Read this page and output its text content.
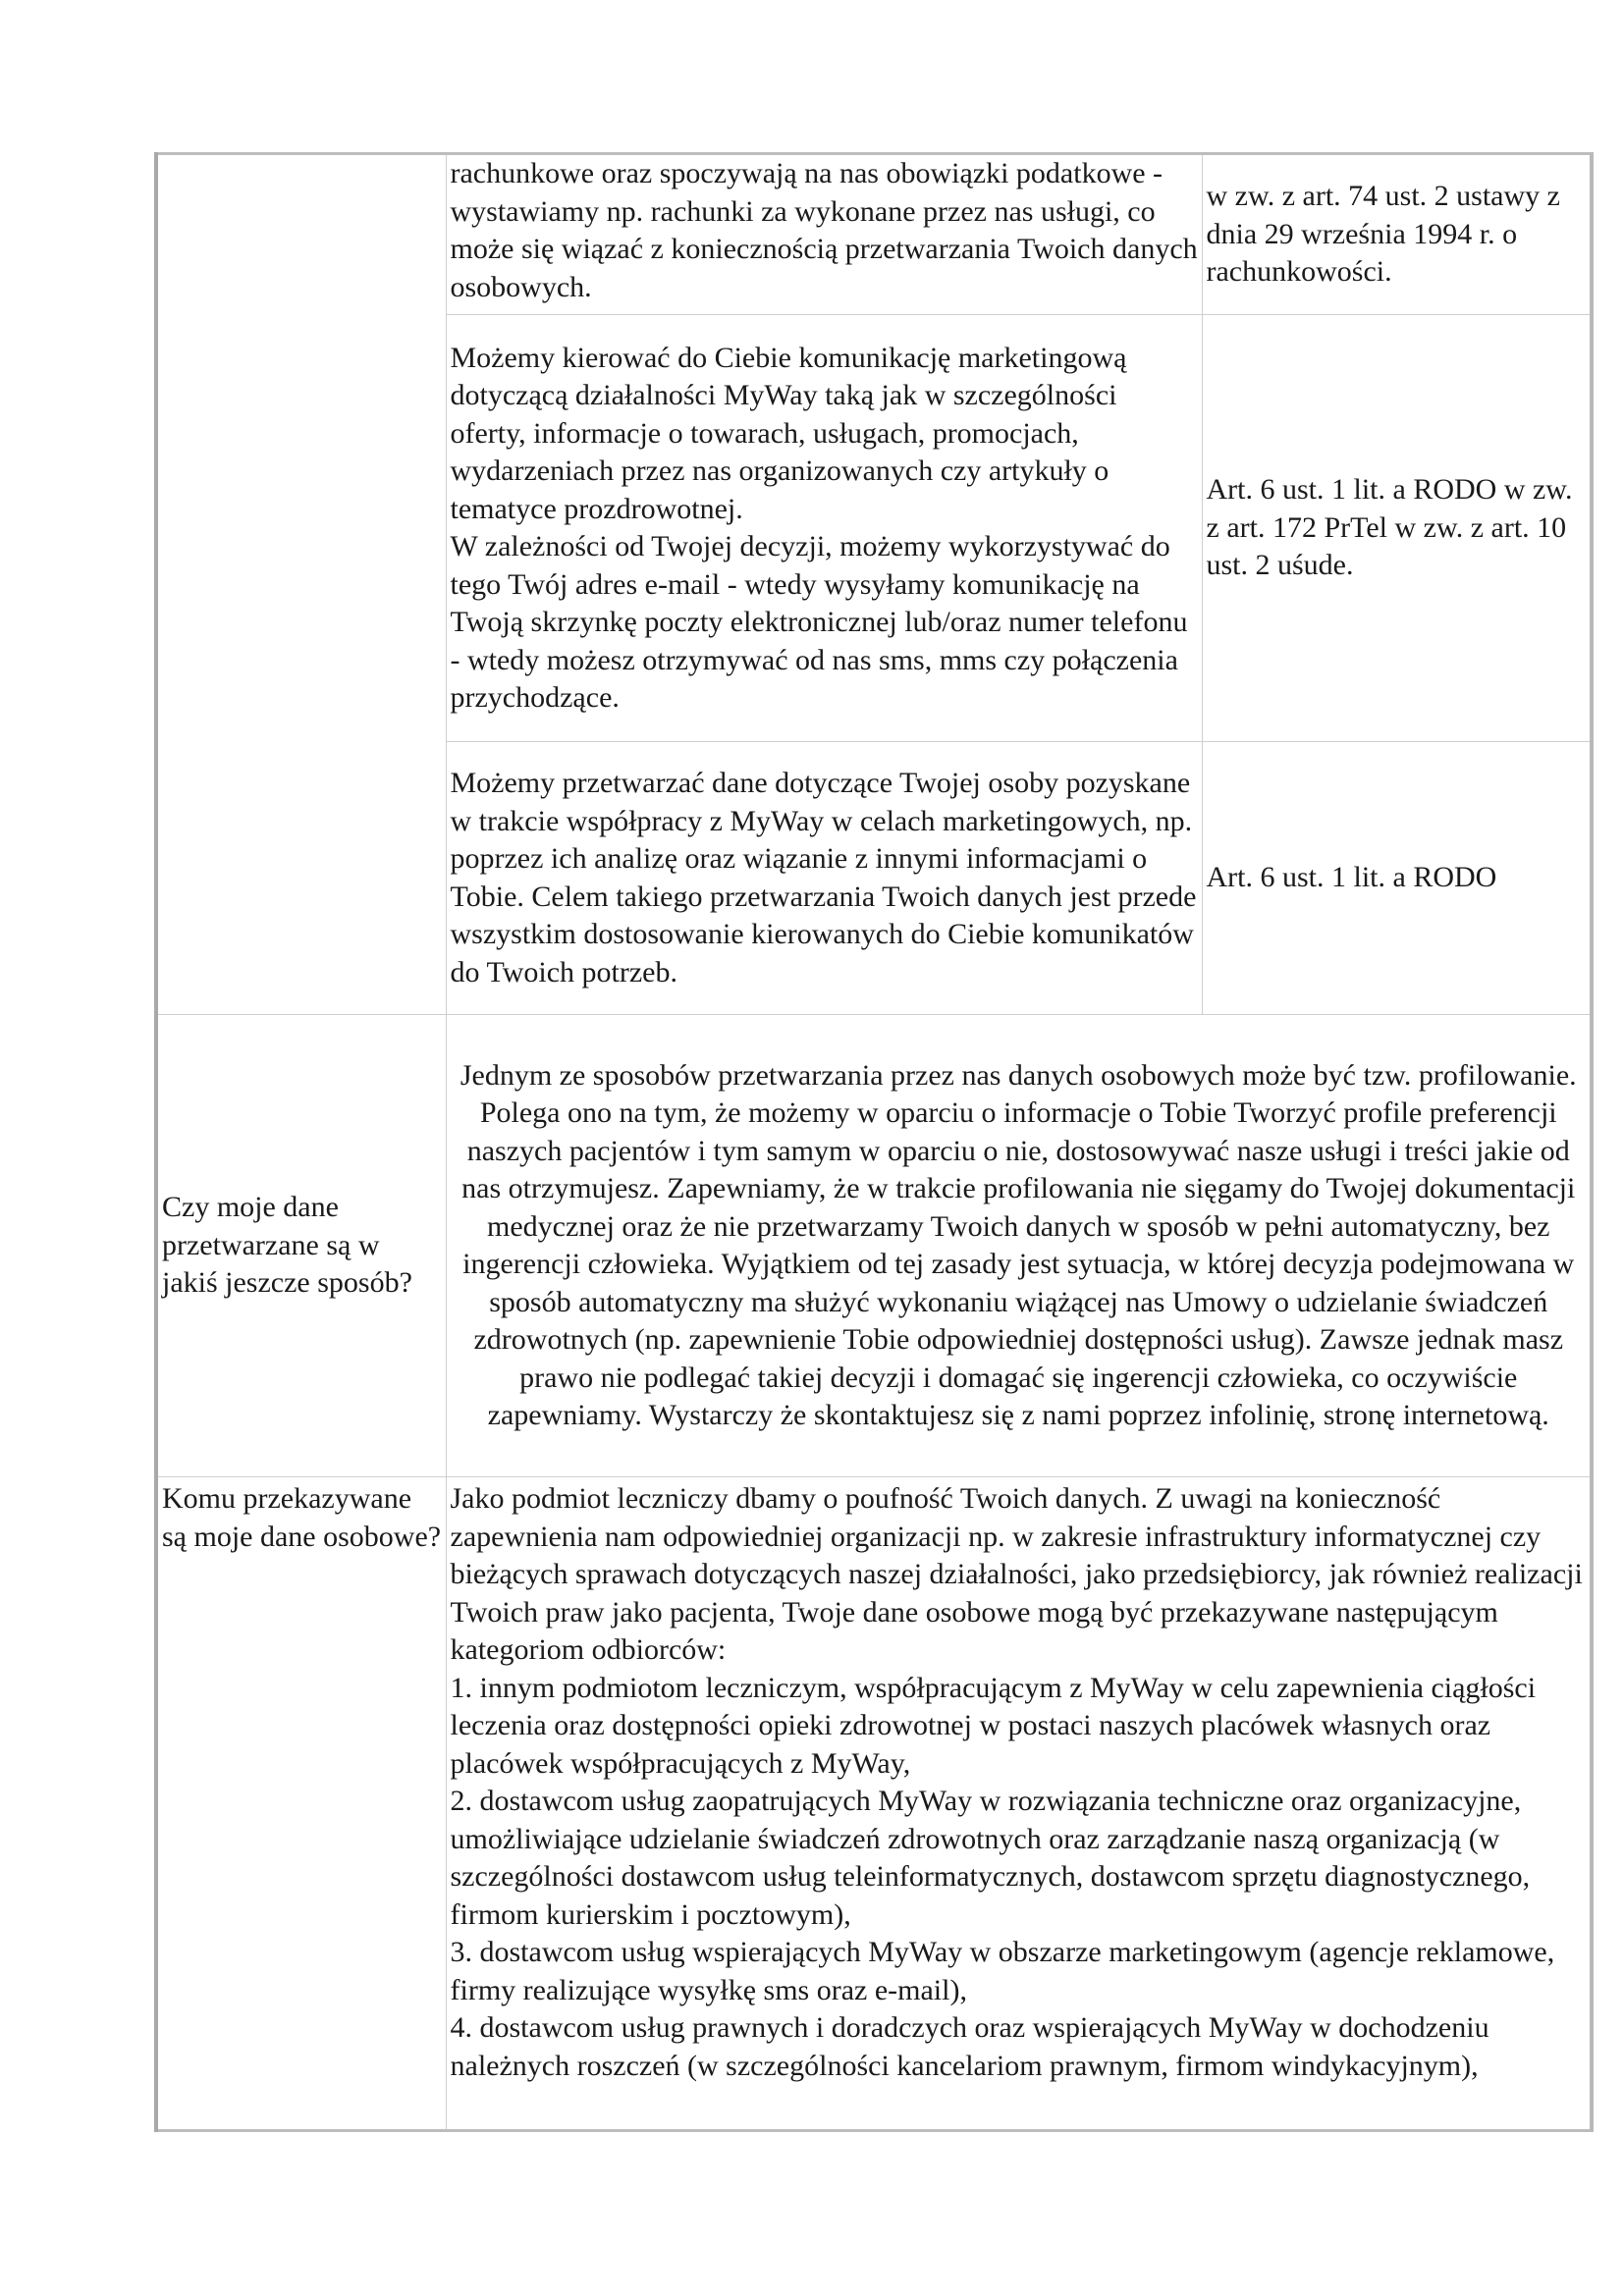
	rachunkowe oraz spoczywają na nas obowiązki podatkowe - wystawiamy np. rachunki za wykonane przez nas usługi, co może się wiązać z koniecznością przetwarzania Twoich danych osobowych.	w zw. z art. 74 ust. 2 ustawy z dnia 29 września 1994 r. o rachunkowości.

	Możemy kierować do Ciebie komunikację marketingową dotyczącą działalności MyWay taką jak w szczególności oferty, informacje o towarach, usługach, promocjach, wydarzeniach przez nas organizowanych czy artykuły o tematyce prozdrowotnej.
W zależności od Twojej decyzji, możemy wykorzystywać do tego Twój adres e-mail - wtedy wysyłamy komunikację na Twoją skrzynkę poczty elektronicznej lub/oraz numer telefonu - wtedy możesz otrzymywać od nas sms, mms czy połączenia przychodzące.	Art. 6 ust. 1 lit. a RODO w zw. z art. 172 PrTel w zw. z art. 10 ust. 2 uśude.
	Możemy przetwarzać dane dotyczące Twojej osoby pozyskane w trakcie współpracy z MyWay w celach marketingowych, np. poprzez ich analizę oraz wiązanie z innymi informacjami o Tobie. Celem takiego przetwarzania Twoich danych jest przede wszystkim dostosowanie kierowanych do Ciebie komunikatów do Twoich potrzeb.	Art. 6 ust. 1 lit. a RODO
Czy moje dane przetwarzane są w jakiś jeszcze sposób?	Jednym ze sposobów przetwarzania przez nas danych osobowych może być tzw. profilowanie. Polega ono na tym, że możemy w oparciu o informacje o Tobie Tworzyć profile preferencji naszych pacjentów i tym samym w oparciu o nie, dostosowywać nasze usługi i treści jakie od nas otrzymujesz. Zapewniamy, że w trakcie profilowania nie sięgamy do Twojej dokumentacji medycznej oraz że nie przetwarzamy Twoich danych w sposób w pełni automatyczny, bez ingerencji człowieka. Wyjątkiem od tej zasady jest sytuacja, w której decyzja podejmowana w sposób automatyczny ma służyć wykonaniu wiążącej nas Umowy o udzielanie świadczeń zdrowotnych (np. zapewnienie Tobie odpowiedniej dostępności usług). Zawsze jednak masz prawo nie podlegać takiej decyzji i domagać się ingerencji człowieka, co oczywiście zapewniamy. Wystarczy że skontaktujesz się z nami poprzez infolinię, stronę internetową.	
Komu przekazywane są moje dane osobowe?	Jako podmiot leczniczy dbamy o poufność Twoich danych. Z uwagi na konieczność zapewnienia nam odpowiedniej organizacji np. w zakresie infrastruktury informatycznej czy bieżących sprawach dotyczących naszej działalności, jako przedsiębiorcy, jak również realizacji Twoich praw jako pacjenta, Twoje dane osobowe mogą być przekazywane następującym kategoriom odbiorców:
1. innym podmiotom leczniczym, współpracującym z MyWay w celu zapewnienia ciągłości leczenia oraz dostępności opieki zdrowotnej w postaci naszych placówek własnych oraz placówek współpracujących z MyWay,
2. dostawcom usług zaopatrujących MyWay w rozwiązania techniczne oraz organizacyjne, umożliwiające udzielanie świadczeń zdrowotnych oraz zarządzanie naszą organizacją (w szczególności dostawcom usług teleinformatycznych, dostawcom sprzętu diagnostycznego, firmom kurierskim i pocztowym),
3. dostawcom usług wspierających MyWay w obszarze marketingowym (agencje reklamowe, firmy realizujące wysyłkę sms oraz e-mail),
4. dostawcom usług prawnych i doradczych oraz wspierających MyWay w dochodzeniu należnych roszczeń (w szczególności kancelariom prawnym, firmom windykacyjnym),	
